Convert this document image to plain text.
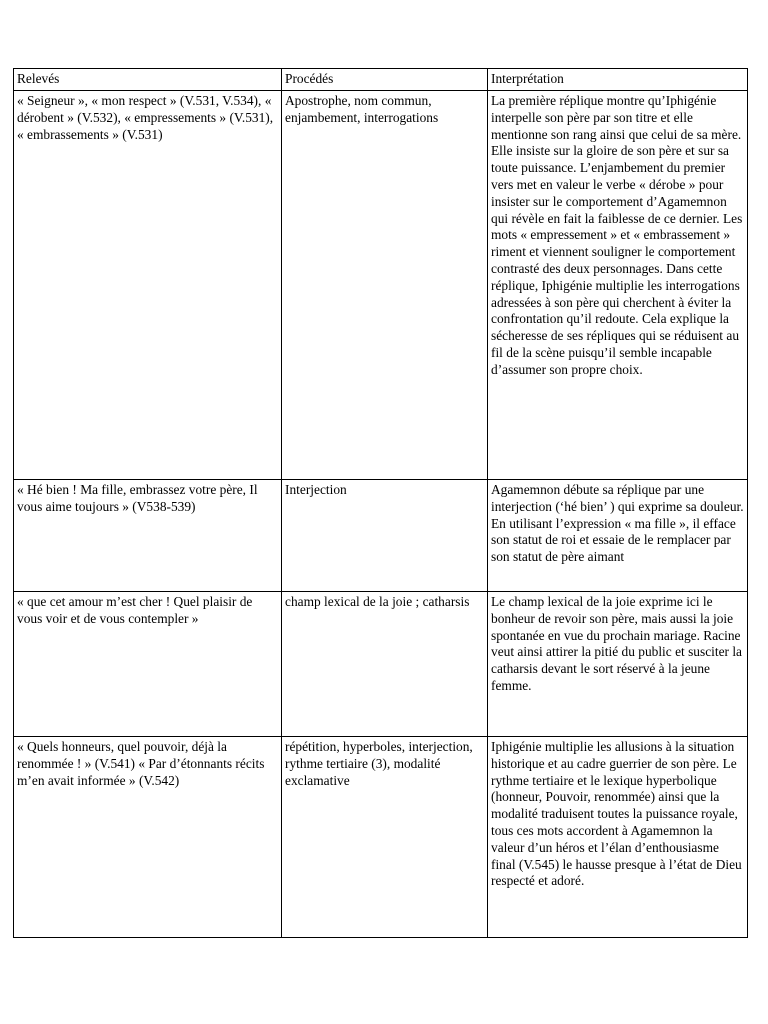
Relevés	Procédés	Interprétation
« Seigneur », « mon respect » (V.531, V.534), « dérobent » (V.532), « empressements » (V.531), « embrassements » (V.531)	Apostrophe, nom commun, enjambement, interrogations	La première réplique montre qu’Iphigénie interpelle son père par son titre et elle mentionne son rang ainsi que celui de sa mère. Elle insiste sur la gloire de son père et sur sa toute puissance. L’enjambement du premier vers met en valeur le verbe « dérobe » pour insister sur le comportement d’Agamemnon qui révèle en fait la faiblesse de ce dernier. Les mots « empressement » et « embrassement » riment et viennent souligner le comportement contrasté des deux personnages. Dans cette réplique, Iphigénie multiplie les interrogations adressées à son père qui cherchent à éviter la confrontation qu’il redoute. Cela explique la sécheresse de ses répliques qui se réduisent au fil de la scène puisqu’il semble incapable d’assumer son propre choix.
« Hé bien ! Ma fille, embrassez votre père, Il vous aime toujours » (V538-539)	Interjection	Agamemnon débute sa réplique par une interjection (‘hé bien’ ) qui exprime sa douleur. En utilisant l’expression « ma fille », il efface son statut de roi et essaie de le remplacer par son statut de père aimant
« que cet amour m’est cher ! Quel plaisir de vous voir et de vous contempler »	champ lexical de la joie ; catharsis	Le champ lexical de la joie exprime ici le bonheur de revoir son père, mais aussi la joie spontanée en vue du prochain mariage. Racine veut ainsi attirer la pitié du public et susciter la catharsis devant le sort réservé à la jeune femme.
« Quels honneurs, quel pouvoir, déjà la renommée ! » (V.541) « Par d’étonnants récits m’en avait informée » (V.542)	répétition, hyperboles, interjection, rythme tertiaire (3), modalité exclamative	Iphigénie multiplie les allusions à la situation historique et au cadre guerrier de son père. Le rythme tertiaire et le lexique hyperbolique (honneur, Pouvoir, renommée) ainsi que la modalité traduisent toutes la puissance royale, tous ces mots accordent à Agamemnon la valeur d’un héros et l’élan d’enthousiasme final (V.545) le hausse presque à l’état de Dieu respecté et adoré.
